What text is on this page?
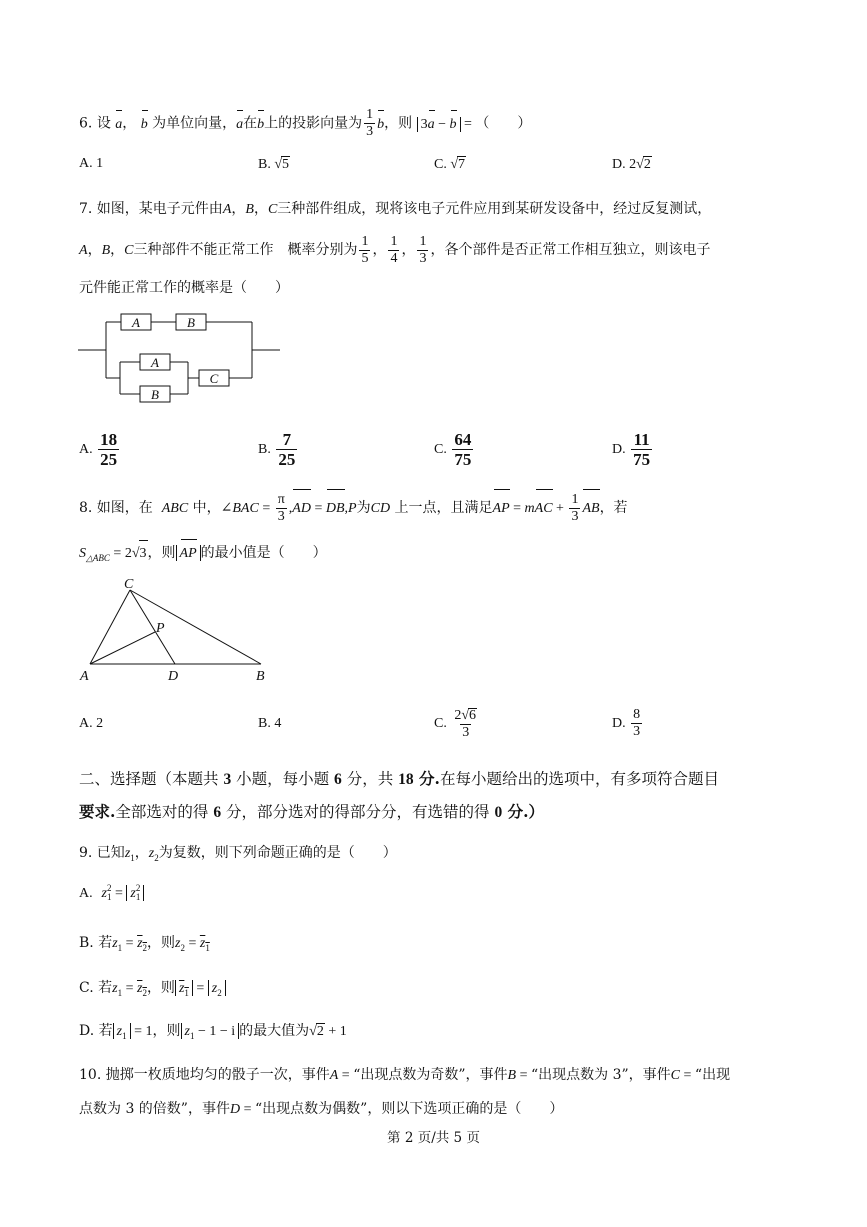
6. 设 a， b 为单位向量，a在b上的投影向量为 $\frac{1}{3}$ b，则 3a − b = （　　）
A. 1	B. √5	C. √7	D. 2√2
7. 如图，某电子元件由A，B，C三种部件组成，现将该电子元件应用到某研发设备中，经过反复测试，
A，B，C三种部件不能正常工作　概率分别为 $\frac{1}{5}$ ， $\frac{1}{4}$ ， $\frac{1}{3}$ ，各个部件是否正常工作相互独立，则该电子
元件能正常工作的概率是（　　）
A	B
A
B
C
A. $\frac{18}{25}$	B. $\frac{7}{25}$	C. $\frac{64}{75}$	D. $\frac{11}{75}$
8. 如图，在 ABC 中，∠BAC = $\frac{\pi}{3} ,AD = DB,P$为CD 上一点，且满足AP = mAC + $\frac{1}{3}$ AB，若
$S_{\triangle ABC} = 2√3$，则 AP 的最小值是（　　）
C
P
A	D	B
A. 2	B. 4	C. $\frac{2√6}{3}$	D. $\frac{8}{3}$
二、选择题（本题共 3 小题，每小题 6 分，共 18 分.在每小题给出的选项中，有多项符合题目
要求.全部选对的得 6 分，部分选对的得部分分，有选错的得 0 分.）
9. 已知$z_1$，$z_2$为复数，则下列命题正确的是（　　）
A. z 2
1 = z 2
1
B. 若$z_1 = z_2$，则$z_2 = z_1$
C. 若$z_1 = z_2$，则 $z_1 = z_2$
D. 若 $z_1 = 1$，则 $z_1 - 1 - i$ 的最大值为√2 + 1
10. 抛掷一枚质地均匀的骰子一次，事件A = “出现点数为奇数”，事件B = “出现点数为 3”，事件C = “出现
点数为 3 的倍数”，事件D = “出现点数为偶数”，则以下选项正确的是（　　）
第 2 页/共 5 页
